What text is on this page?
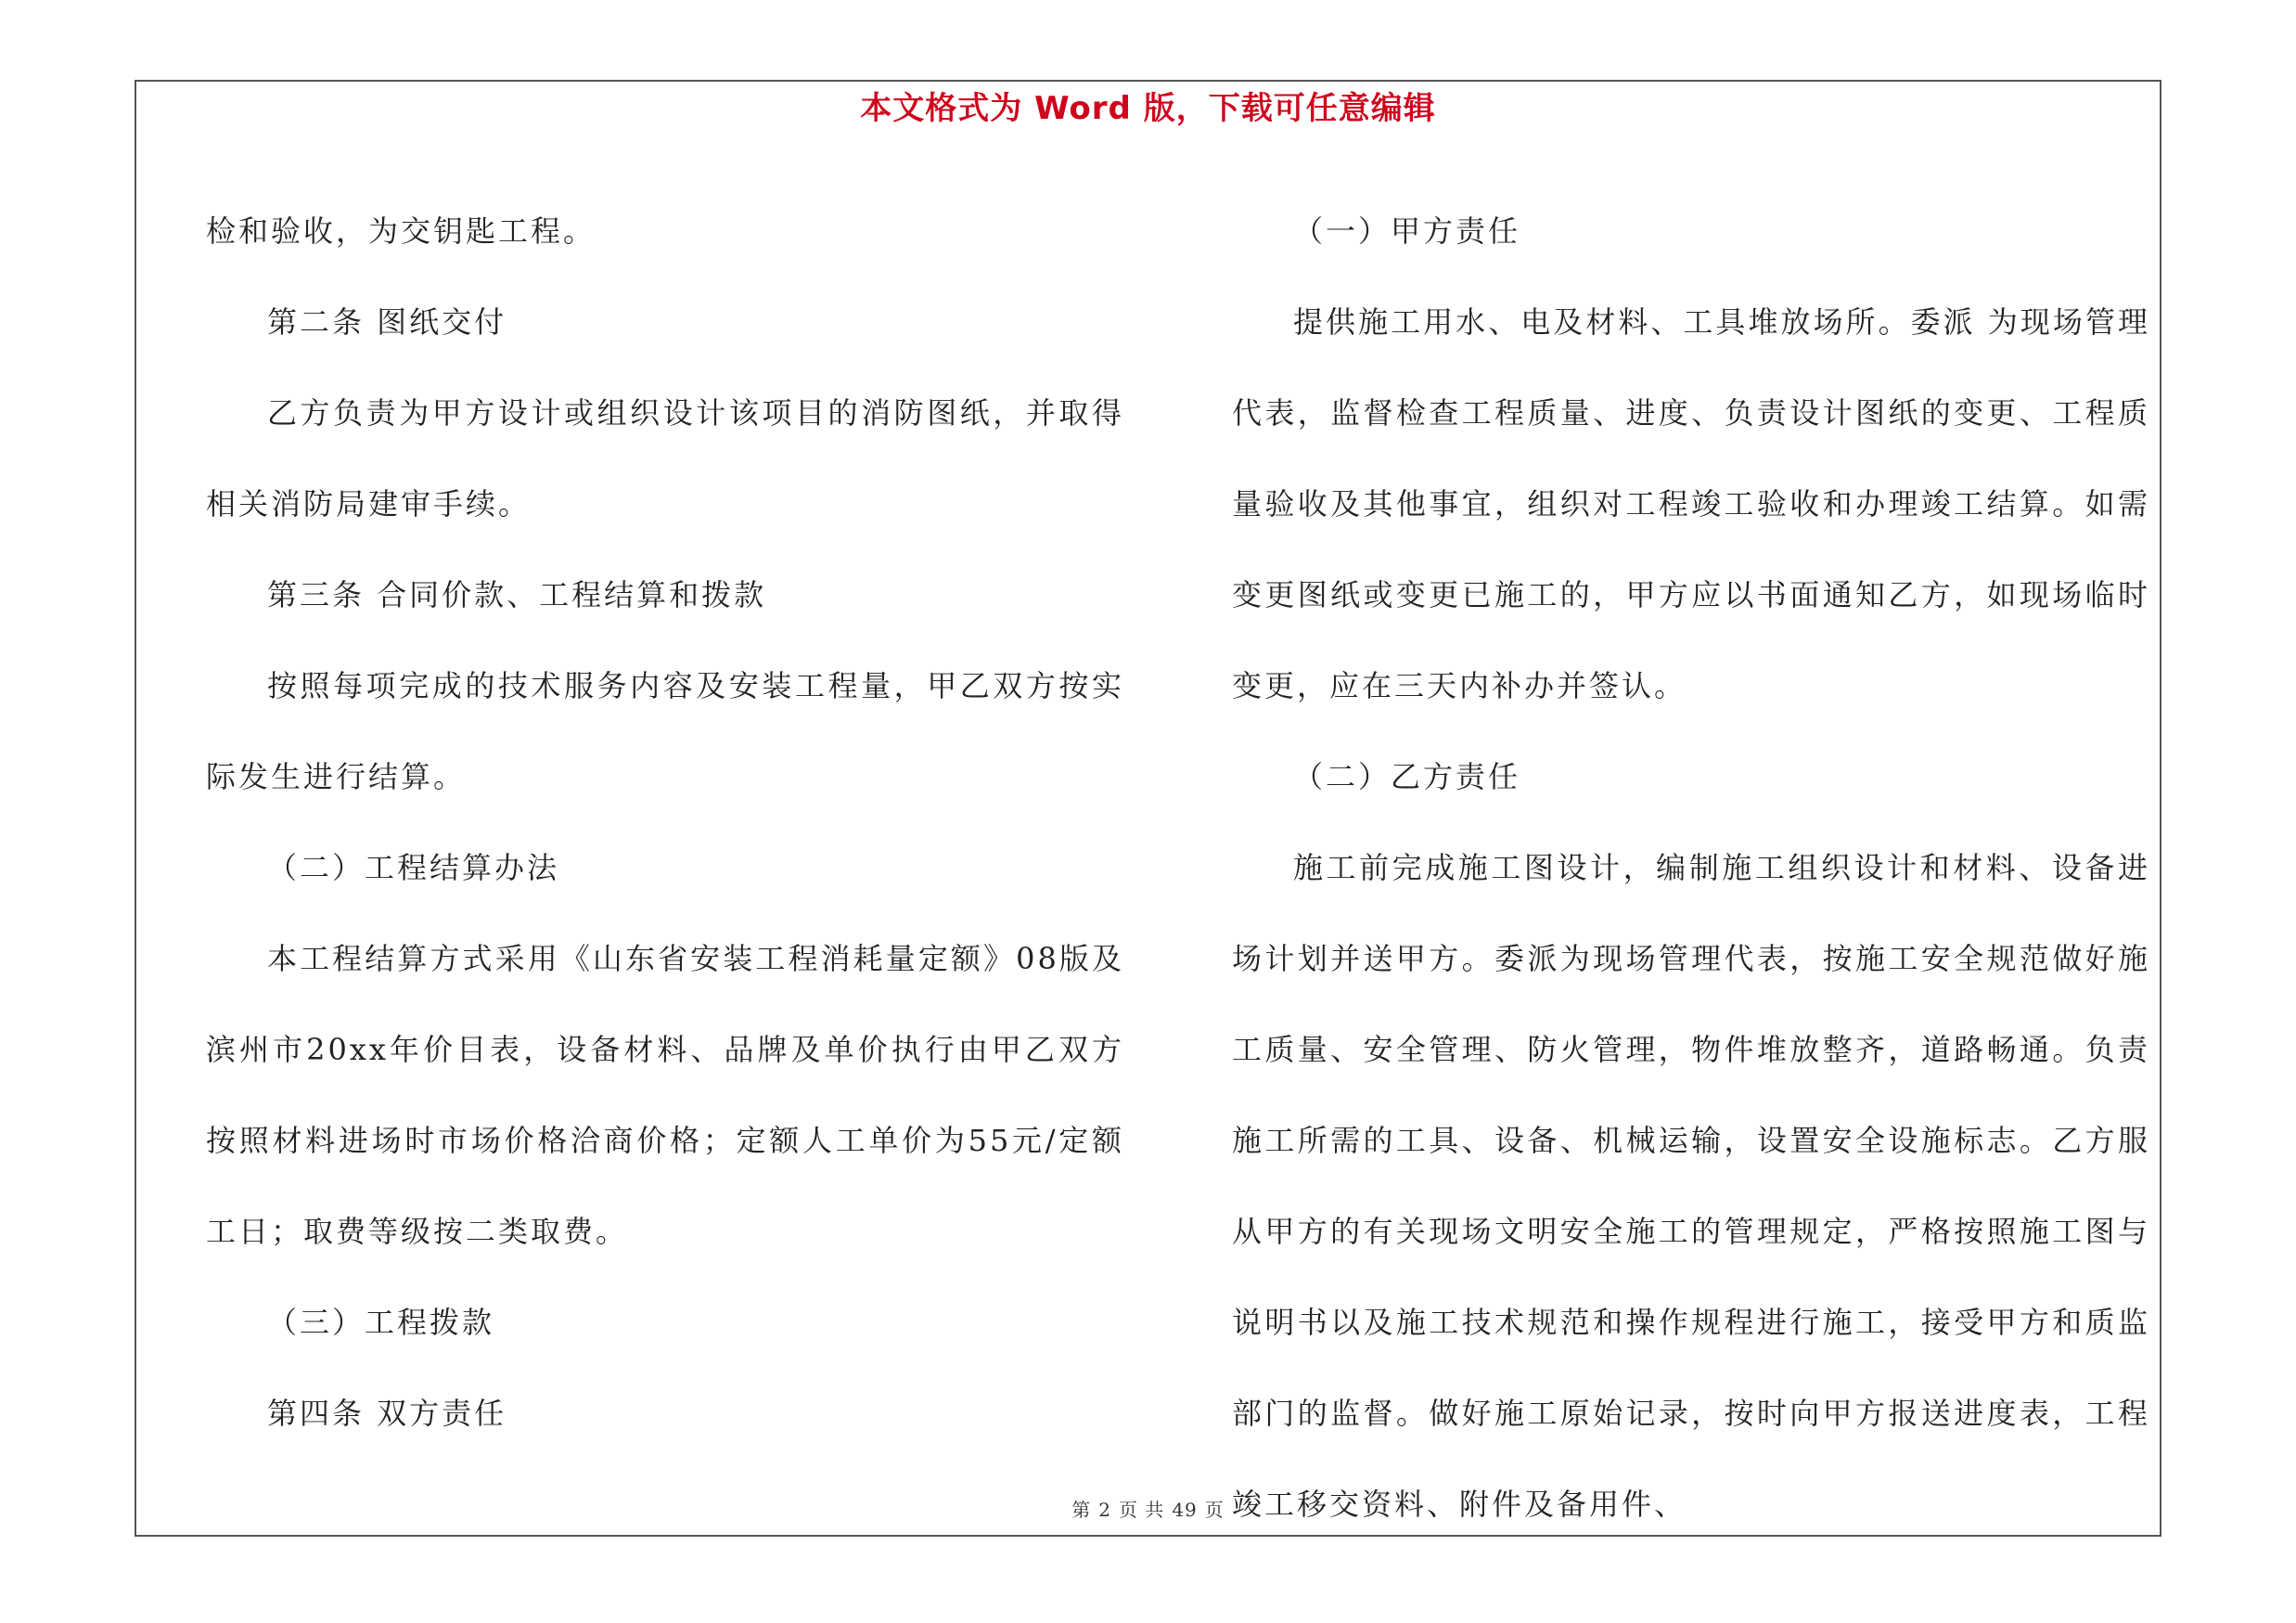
本文格式为 Word 版，下载可任意编辑

检和验收，为交钥匙工程。

第二条 图纸交付

乙方负责为甲方设计或组织设计该项目的消防图纸，并取得相关消防局建审手续。

第三条 合同价款、工程结算和拨款

按照每项完成的技术服务内容及安装工程量，甲乙双方按实际发生进行结算。

（二）工程结算办法

本工程结算方式采用《山东省安装工程消耗量定额》08版及滨州市20xx年价目表，设备材料、品牌及单价执行由甲乙双方按照材料进场时市场价格洽商价格；定额人工单价为55元/定额工日；取费等级按二类取费。

（三）工程拨款

第四条 双方责任

（一）甲方责任

提供施工用水、电及材料、工具堆放场所。委派 为现场管理代表，监督检查工程质量、进度、负责设计图纸的变更、工程质量验收及其他事宜，组织对工程竣工验收和办理竣工结算。如需变更图纸或变更已施工的，甲方应以书面通知乙方，如现场临时变更，应在三天内补办并签认。

（二）乙方责任

施工前完成施工图设计，编制施工组织设计和材料、设备进场计划并送甲方。委派为现场管理代表，按施工安全规范做好施工质量、安全管理、防火管理，物件堆放整齐，道路畅通。负责施工所需的工具、设备、机械运输，设置安全设施标志。乙方服从甲方的有关现场文明安全施工的管理规定，严格按照施工图与说明书以及施工技术规范和操作规程进行施工，接受甲方和质监部门的监督。做好施工原始记录，按时向甲方报送进度表，工程竣工移交资料、附件及备用件、

第 2 页 共 49 页
